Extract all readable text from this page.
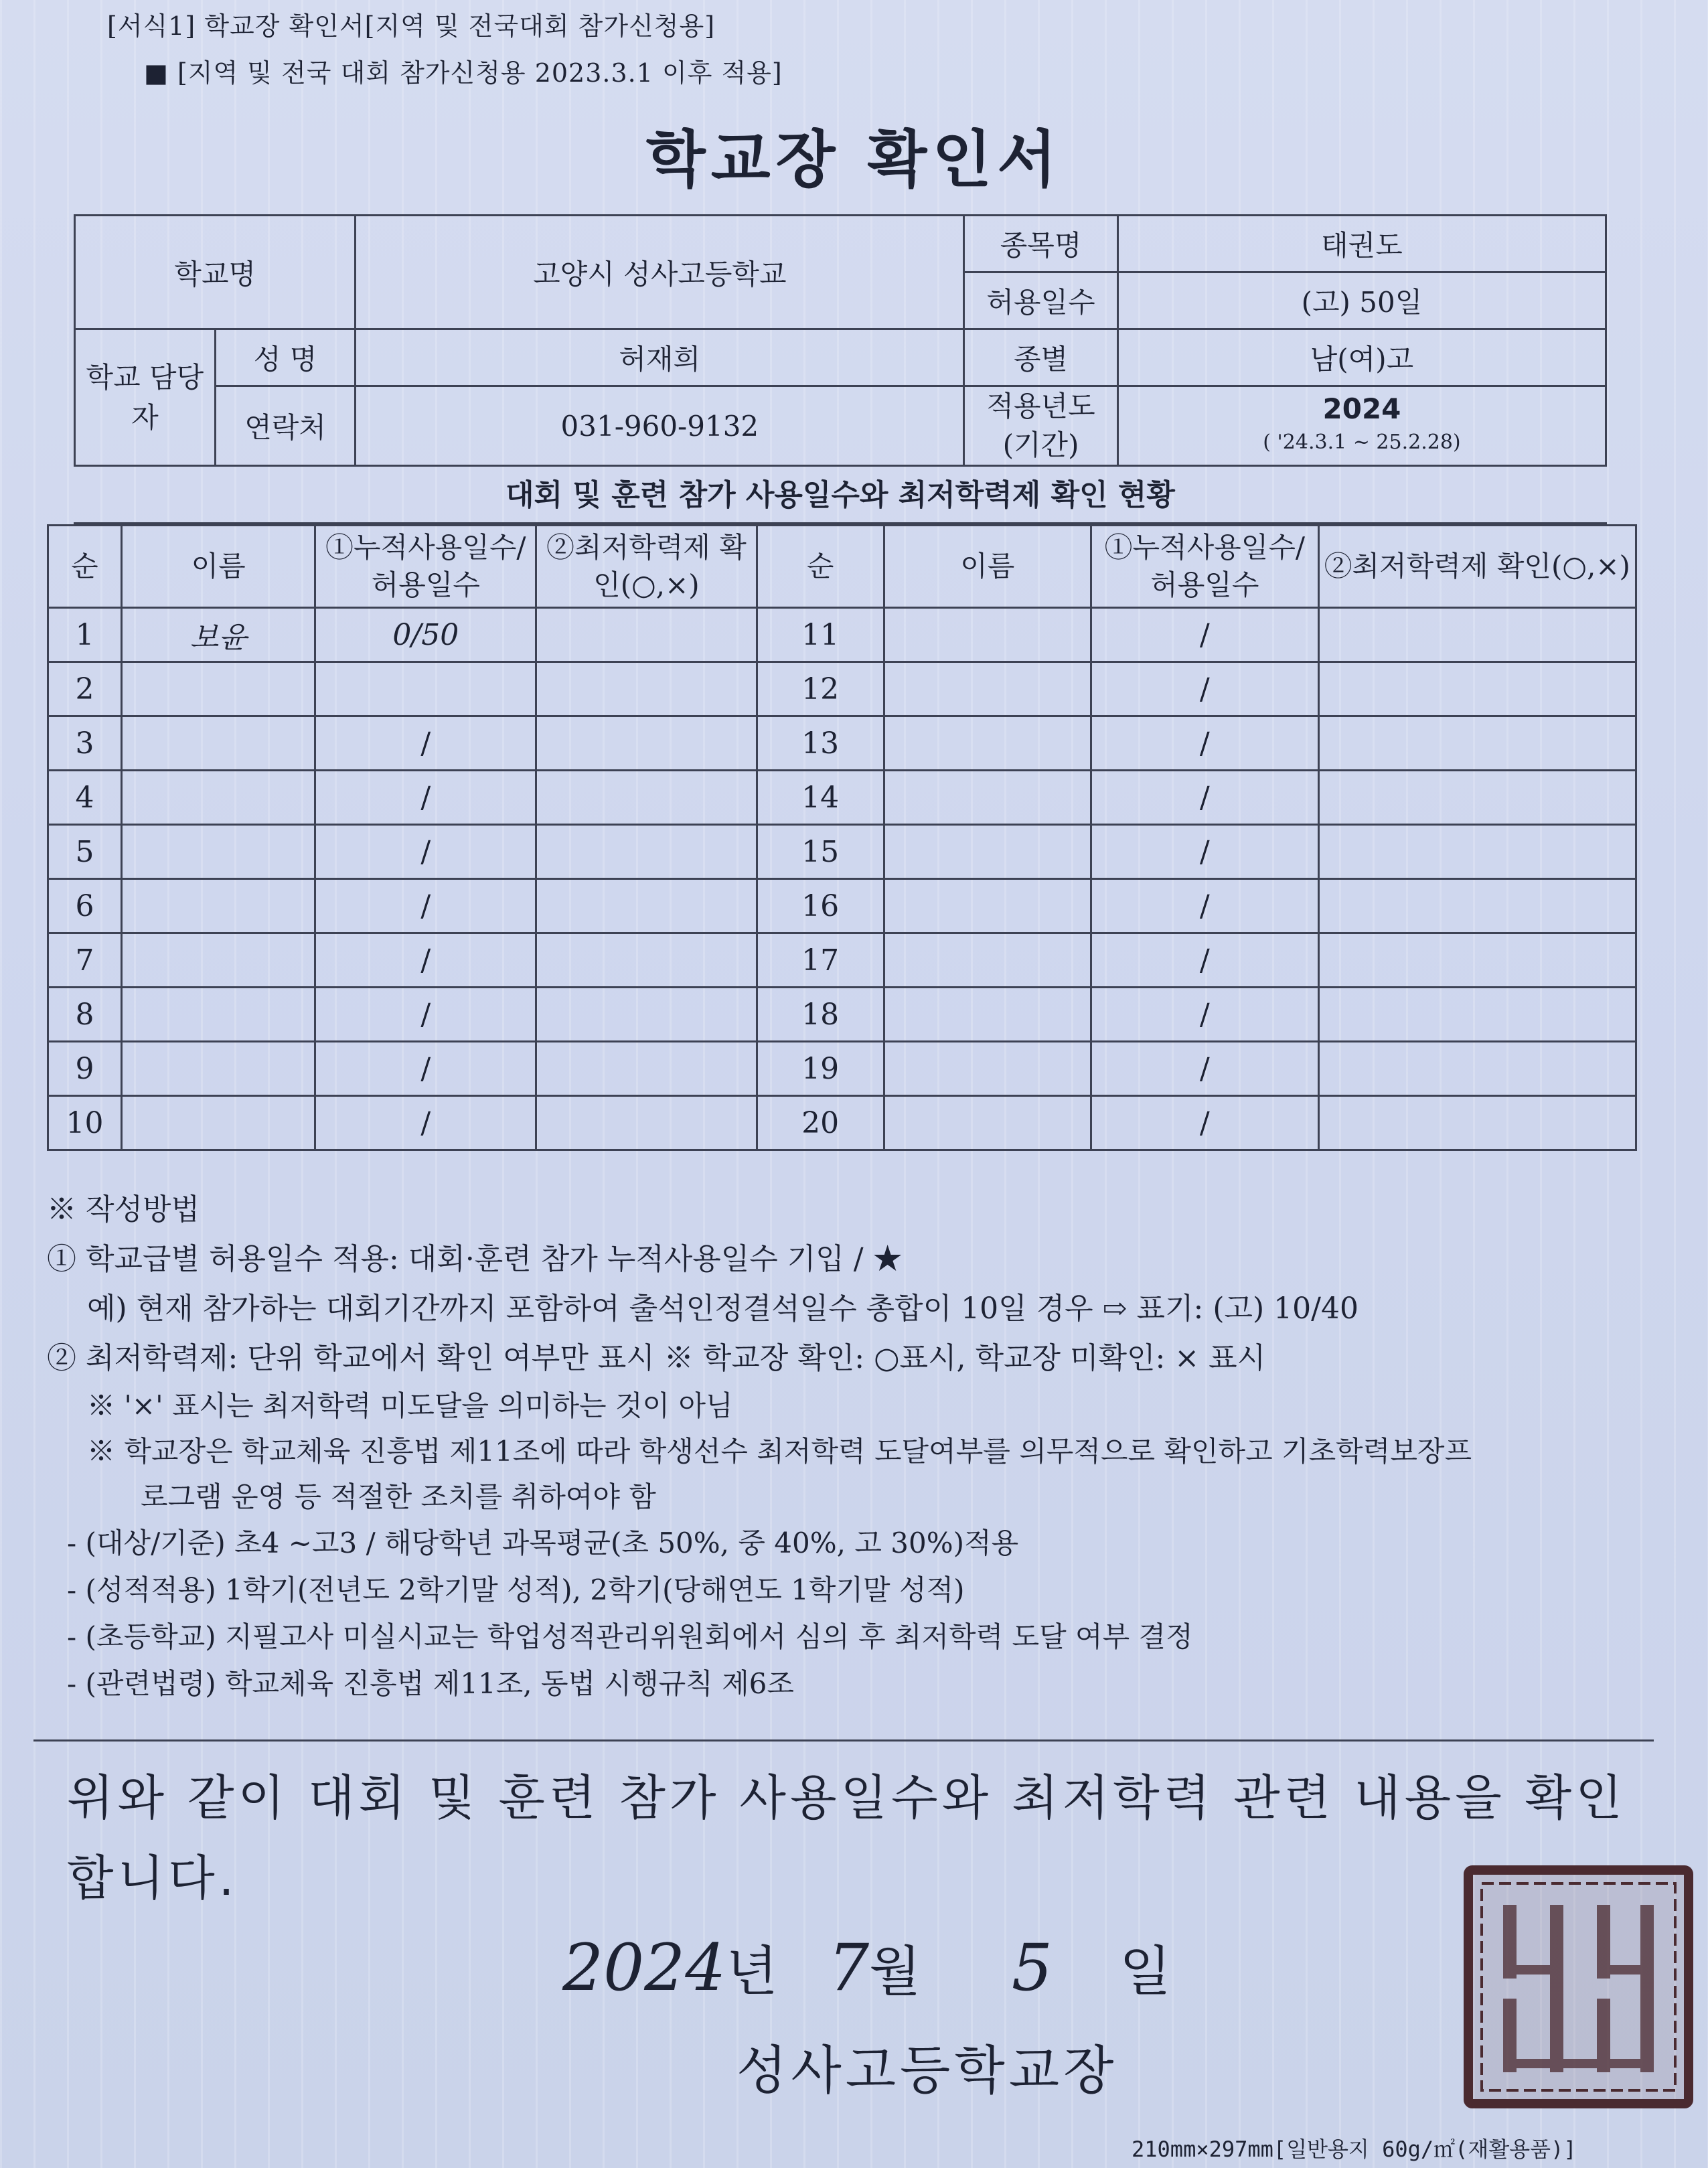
[서식1] 학교장 확인서[지역 및 전국대회 참가신청용]
■ [지역 및 전국 대회 참가신청용 2023.3.1 이후 적용]
학교장 확인서
학교명		고양시 성사고등학교	종목명	태권도
			허용일수	(고) 50일
학교 담당자	성 명	허재희	종별	남(여)고
	연락처	031-960-9132	적용년도 (기간)	2024
( '24.3.1 ~ 25.2.28)
대회 및 훈련 참가 사용일수와 최저학력제 확인 현황
순	이름	①누적사용일수/ 허용일수	②최저학력제 확인(○,×)	순	이름	①누적사용일수/ 허용일수	②최저학력제 확인(○,×)
1	보윤	0/50		11		/	
2				12		/	
3		/		13		/	
4		/		14		/	
5		/		15		/	
6		/		16		/	
7		/		17		/	
8		/		18		/	
9		/		19		/	
10		/		20		/	

※ 작성방법

① 학교급별 허용일수 적용: 대회·훈련 참가 누적사용일수 기입 / ★

예) 현재 참가하는 대회기간까지 포함하여 출석인정결석일수 총합이 10일 경우 ⇨ 표기: (고) 10/40

② 최저학력제: 단위 학교에서 확인 여부만 표시 ※ 학교장 확인: ○표시, 학교장 미확인: × 표시

※ '×' 표시는 최저학력 미도달을 의미하는 것이 아님

※ 학교장은 학교체육 진흥법 제11조에 따라 학생선수 최저학력 도달여부를 의무적으로 확인하고 기초학력보장프

로그램 운영 등 적절한 조치를 취하여야 함

- (대상/기준) 초4 ~고3 / 해당학년 과목평균(초 50%, 중 40%, 고 30%)적용

- (성적적용) 1학기(전년도 2학기말 성적), 2학기(당해연도 1학기말 성적)

- (초등학교) 지필고사 미실시교는 학업성적관리위원회에서 심의 후 최저학력 도달 여부 결정

- (관련법령) 학교체육 진흥법 제11조, 동법 시행규칙 제6조

위와 같이 대회 및 훈련 참가 사용일수와 최저학력 관련 내용을 확인합니다.
2024년 7월 5 일
성사고등학교장
210mm×297mm[일반용지 60g/㎡(재활용품)]
